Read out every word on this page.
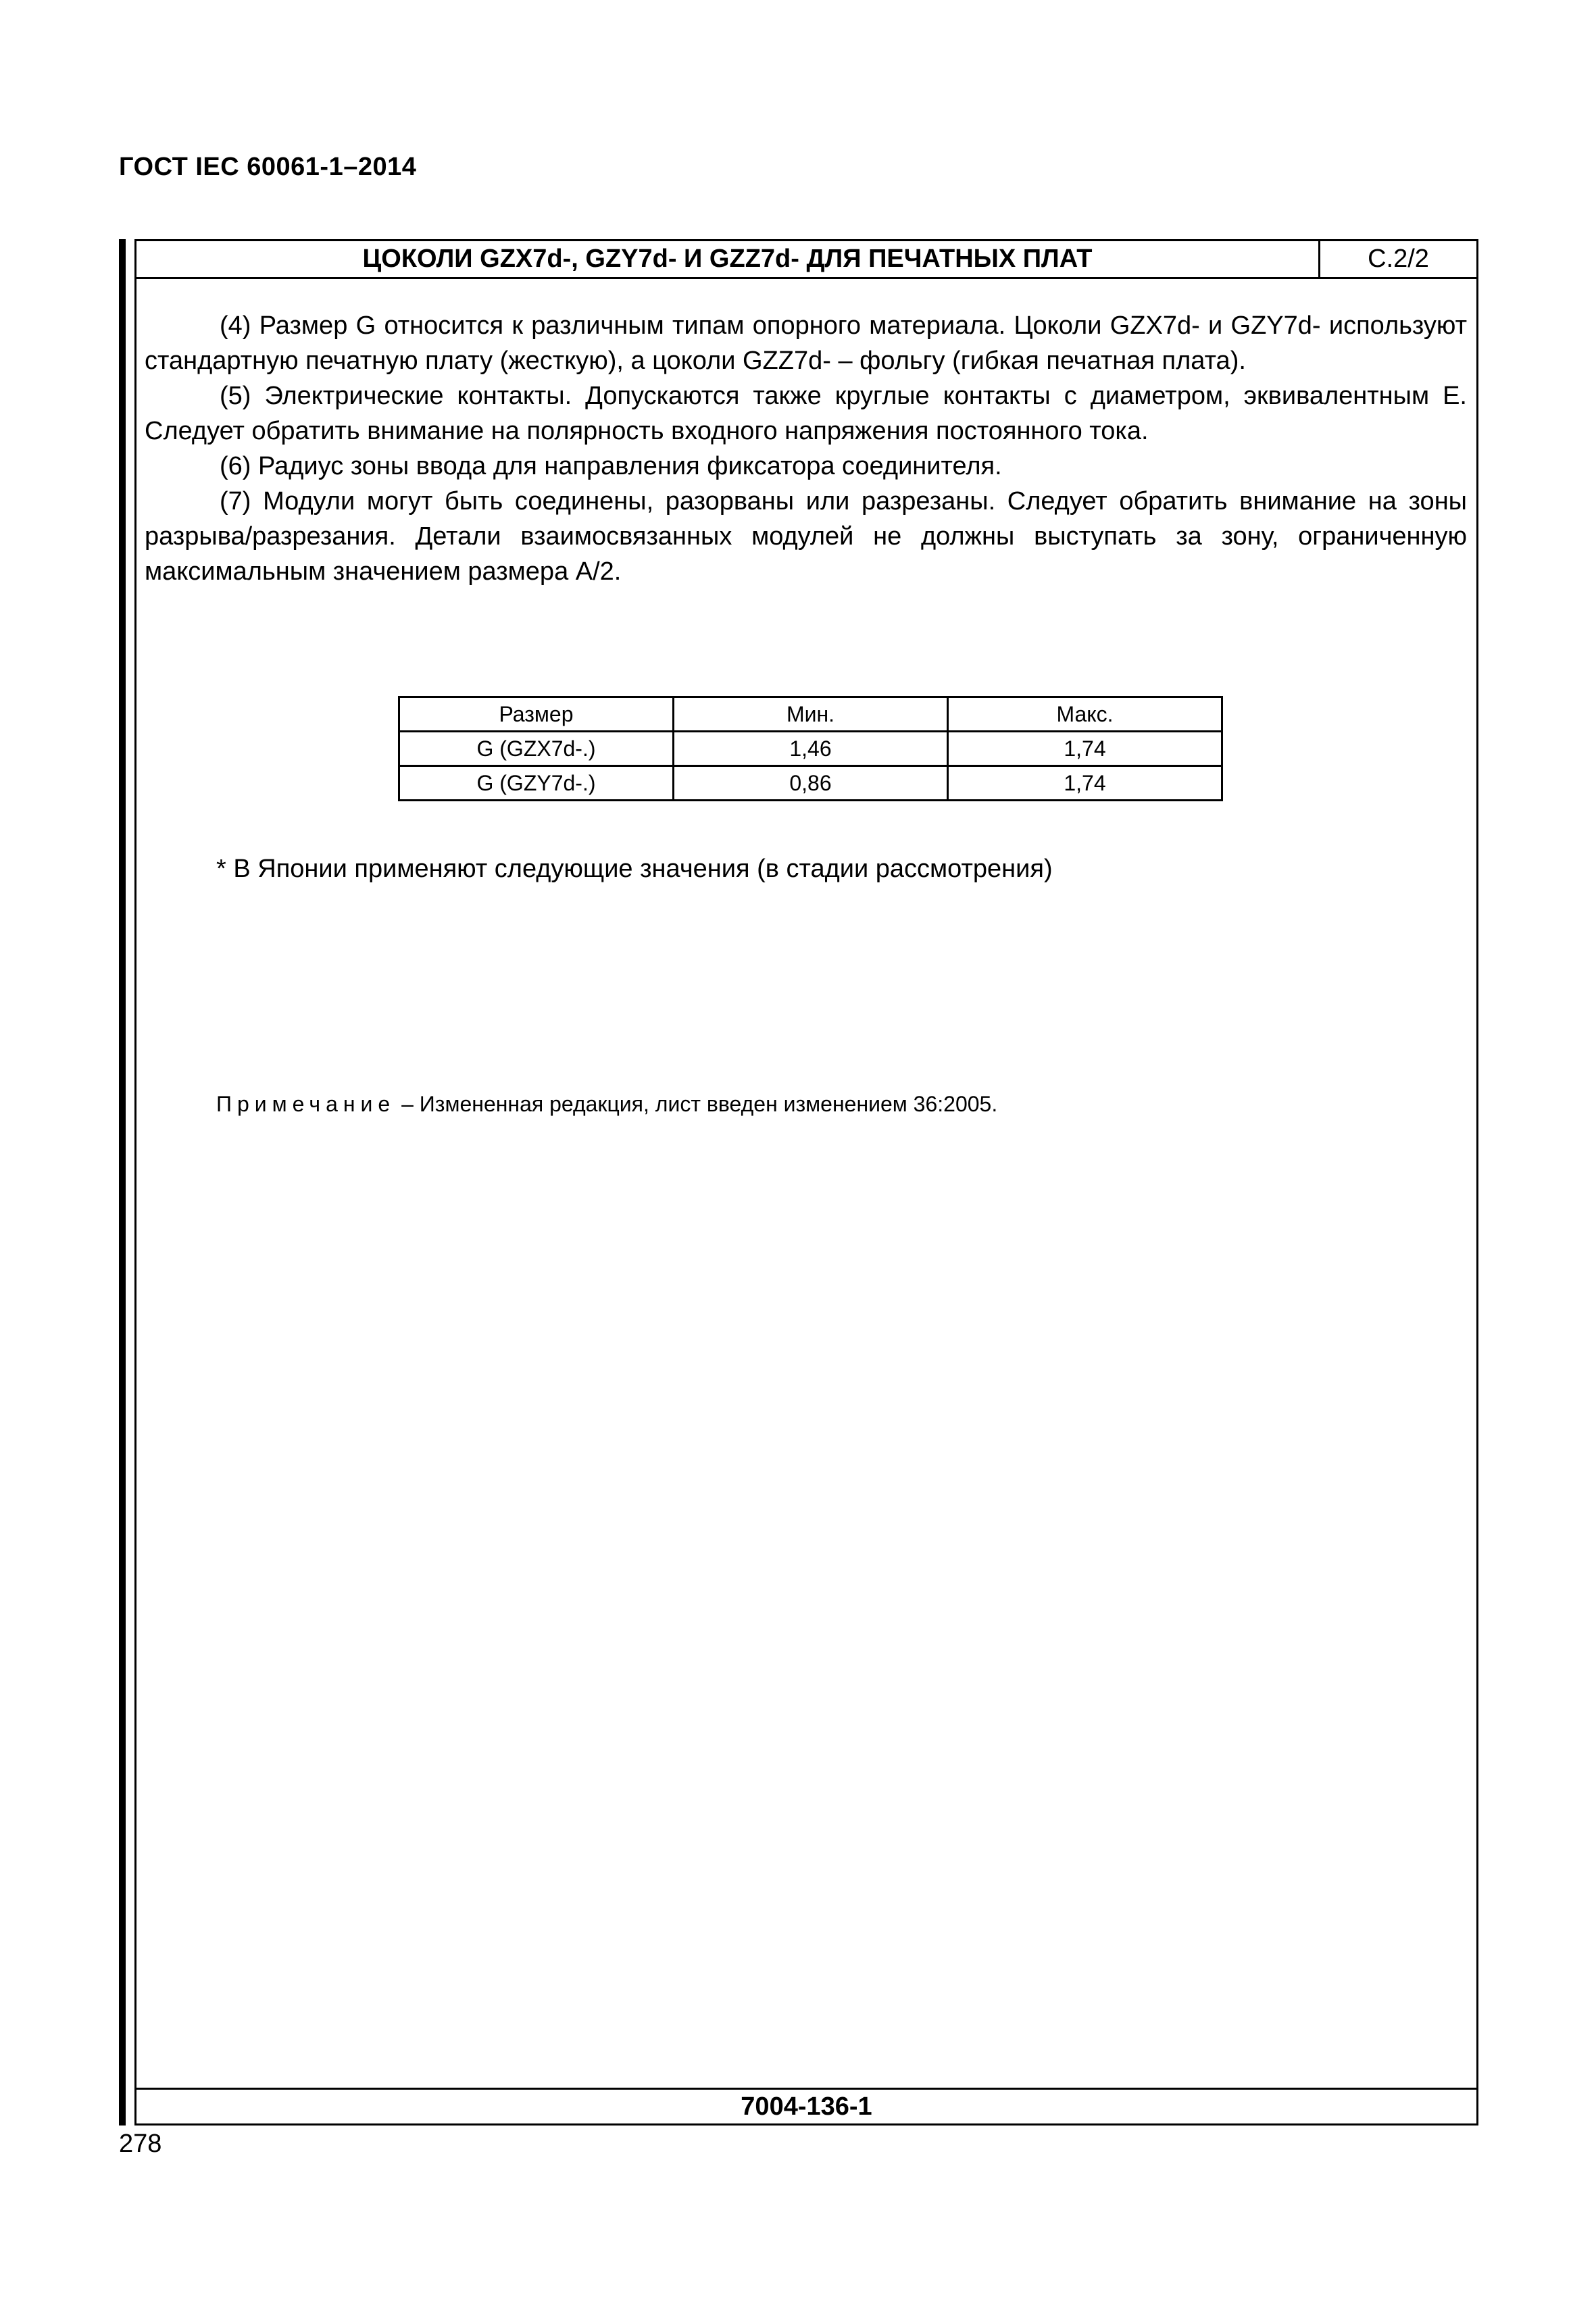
ГОСТ IEC 60061-1–2014
ЦОКОЛИ GZX7d-, GZY7d- И GZZ7d- ДЛЯ ПЕЧАТНЫХ ПЛАТ	С.2/2

(4) Размер G относится к различным типам опорного материала. Цоколи GZX7d- и GZY7d- используют стандартную печатную плату (жесткую), а цоколи GZZ7d- – фольгу (гибкая печатная плата).

(5) Электрические контакты. Допускаются также круглые контакты с диаметром, эквивалентным Е. Следует обратить внимание на полярность входного напряжения постоянного тока.

(6) Радиус зоны ввода для направления фиксатора соединителя.

(7) Модули могут быть соединены, разорваны или разрезаны. Следует обратить внимание на зоны разрыва/разрезания. Детали взаимосвязанных модулей не должны выступать за зону, ограниченную максимальным значением размера А/2.

* В Японии применяют следующие значения (в стадии рассмотрения)
Размер	Мин.	Макс.
G (GZX7d-.)	1,46	1,74
G (GZY7d-.)	0,86	1,74
Примечание – Измененная редакция, лист введен изменением 36:2005.
7004-136-1
278
